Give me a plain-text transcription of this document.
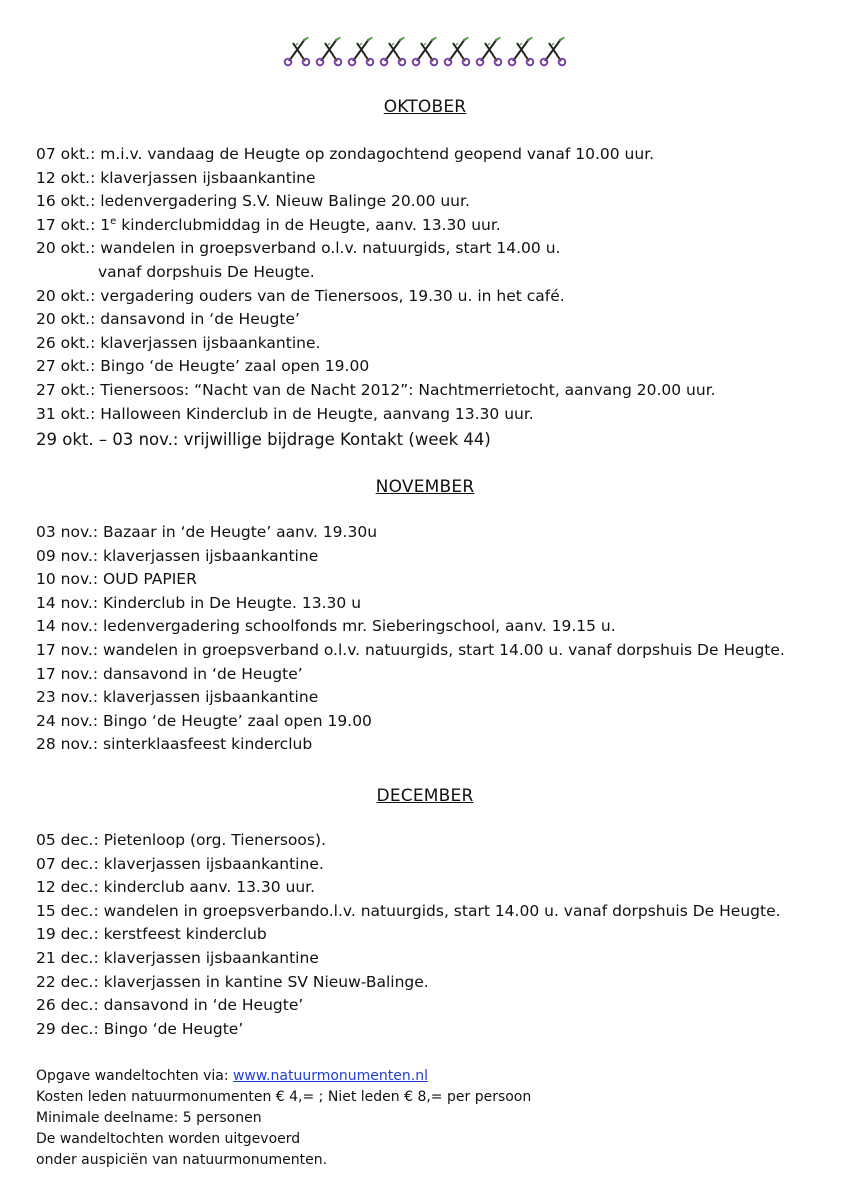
OKTOBER
07 okt.: m.i.v. vandaag de Heugte op zondagochtend geopend vanaf 10.00 uur.
12 okt.: klaverjassen ijsbaankantine
16 okt.: ledenvergadering S.V. Nieuw Balinge 20.00 uur.
17 okt.: 1e kinderclubmiddag in de Heugte, aanv. 13.30 uur.
20 okt.: wandelen in groepsverband o.l.v. natuurgids, start 14.00 u.
vanaf dorpshuis De Heugte.
20 okt.: vergadering ouders van de Tienersoos, 19.30 u. in het café.
20 okt.: dansavond in ‘de Heugte’
26 okt.: klaverjassen ijsbaankantine.
27 okt.: Bingo ‘de Heugte’ zaal open 19.00
27 okt.: Tienersoos: “Nacht van de Nacht 2012”: Nachtmerrietocht, aanvang 20.00 uur.
31 okt.: Halloween Kinderclub in de Heugte, aanvang 13.30 uur.
29 okt. – 03 nov.: vrijwillige bijdrage Kontakt (week 44)
NOVEMBER
03 nov.: Bazaar in ‘de Heugte’ aanv. 19.30u
09 nov.: klaverjassen ijsbaankantine
10 nov.: OUD PAPIER
14 nov.: Kinderclub in De Heugte. 13.30 u
14 nov.: ledenvergadering schoolfonds mr. Sieberingschool, aanv. 19.15 u.
17 nov.: wandelen in groepsverband o.l.v. natuurgids, start 14.00 u. vanaf dorpshuis De Heugte.
17 nov.: dansavond in ‘de Heugte’
23 nov.: klaverjassen ijsbaankantine
24 nov.: Bingo ‘de Heugte’ zaal open 19.00
28 nov.: sinterklaasfeest kinderclub
DECEMBER
05 dec.: Pietenloop (org. Tienersoos).
07 dec.: klaverjassen ijsbaankantine.
12 dec.: kinderclub aanv. 13.30 uur.
15 dec.: wandelen in groepsverbando.l.v. natuurgids, start 14.00 u. vanaf dorpshuis De Heugte.
19 dec.: kerstfeest kinderclub
21 dec.: klaverjassen ijsbaankantine
22 dec.: klaverjassen in kantine SV Nieuw-Balinge.
26 dec.: dansavond in ‘de Heugte’
29 dec.: Bingo ‘de Heugte’
Opgave wandeltochten via: www.natuurmonumenten.nl
Kosten leden natuurmonumenten € 4,= ; Niet leden € 8,= per persoon
Minimale deelname: 5 personen
De wandeltochten worden uitgevoerd
onder auspiciën van natuurmonumenten.
